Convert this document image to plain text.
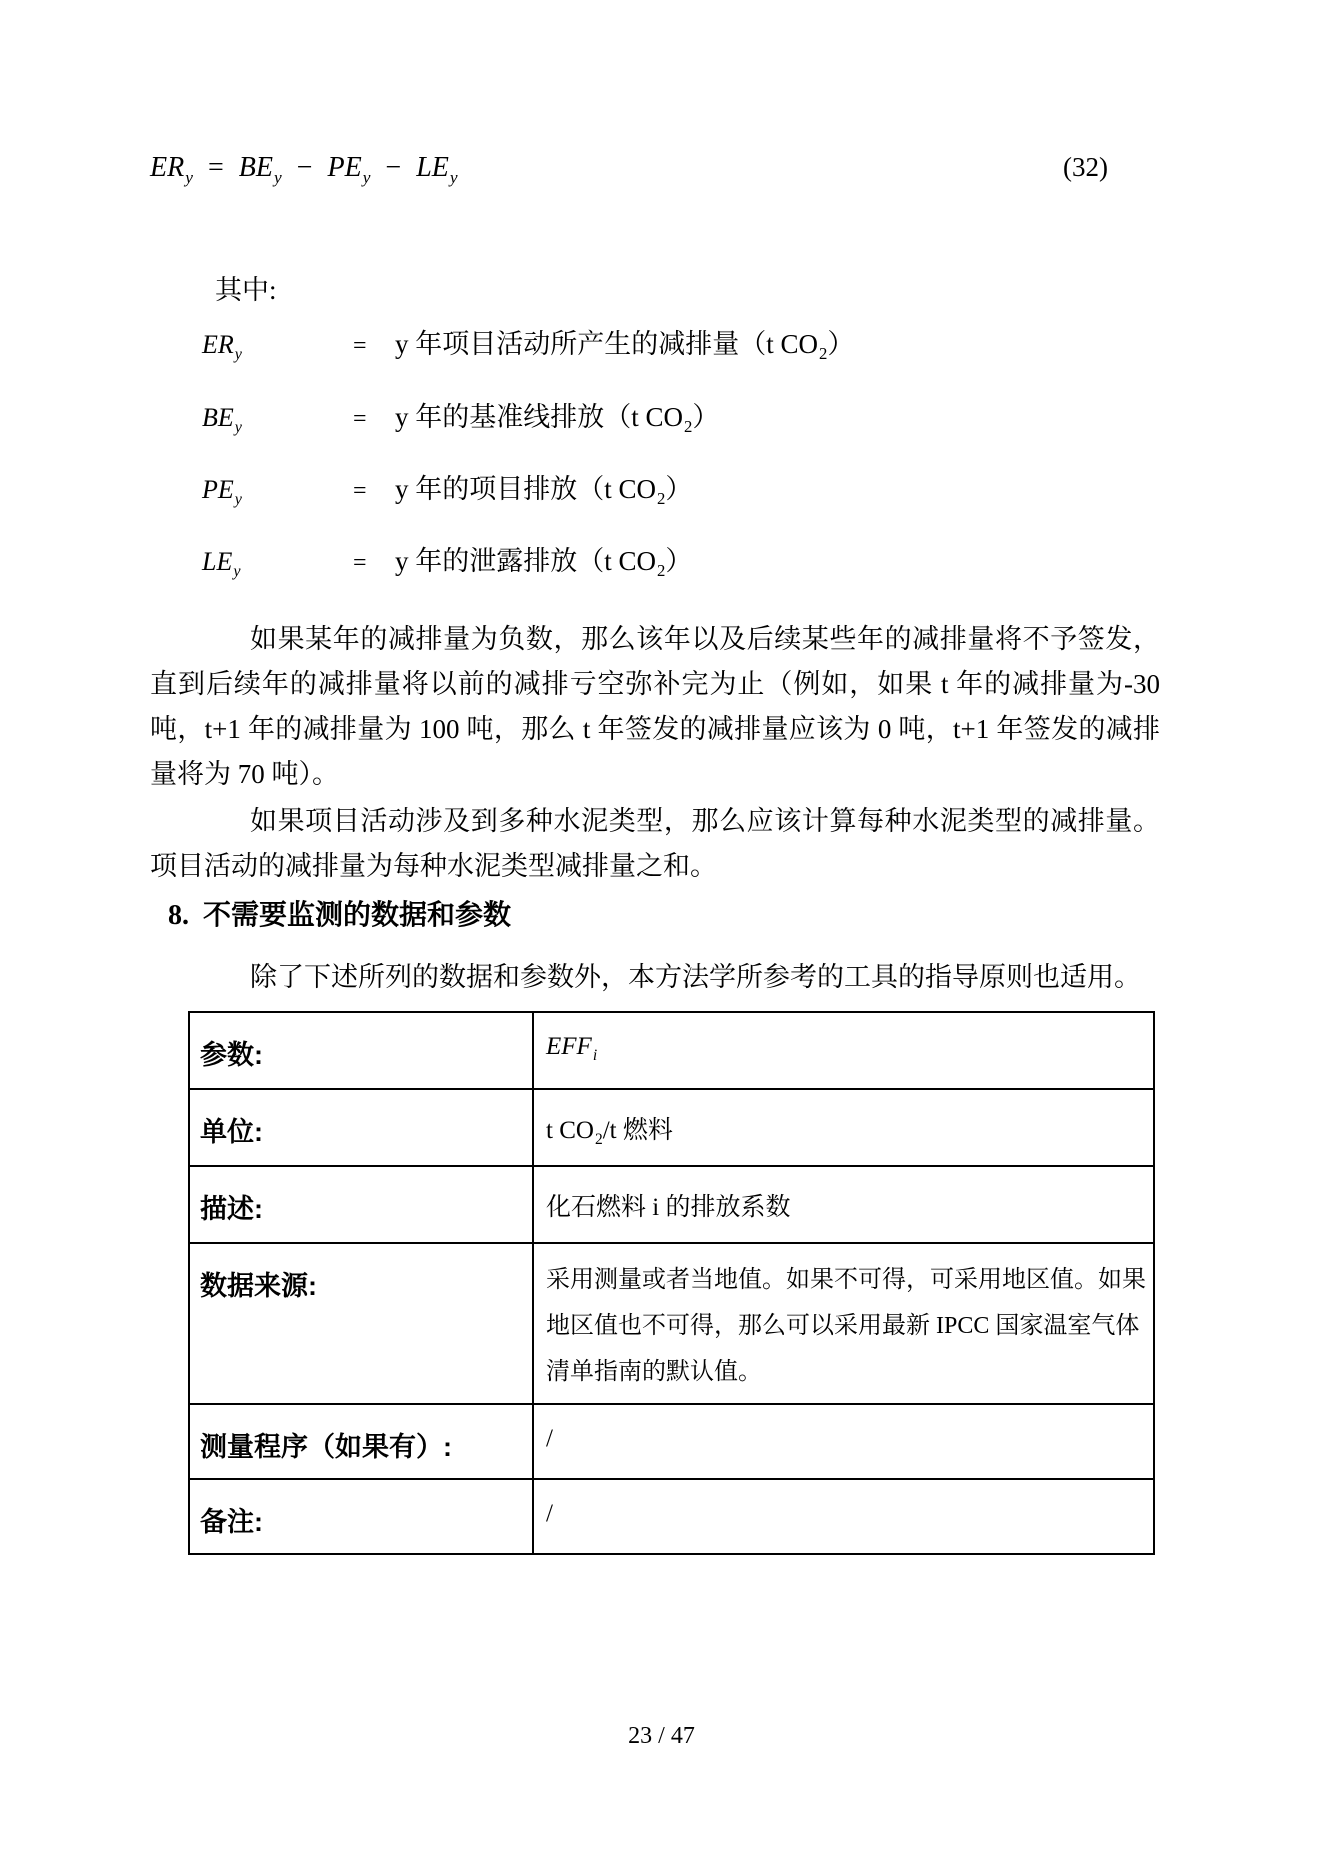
$ER_y = BE_y - PE_y - LE_y$	(32)
其中:
$ER_y$	=	y 年项目活动所产生的减排量（t $CO_2$）
$BE_y$	=	y 年的基准线排放（t $CO_2$）
$PE_y$	=	y 年的项目排放（t $CO_2$）
$LE_y$	=	y 年的泄露排放（t $CO_2$）

如果某年的减排量为负数，那么该年以及后续某些年的减排量将不予签发，直到后续年的减排量将以前的减排亏空弥补完为止（例如，如果 t 年的减排量为-30 吨，t+1 年的减排量为 100 吨，那么 t 年签发的减排量应该为 0 吨，t+1 年签发的减排量将为 70 吨）。

如果项目活动涉及到多种水泥类型，那么应该计算每种水泥类型的减排量。项目活动的减排量为每种水泥类型减排量之和。

8. 不需要监测的数据和参数

除了下述所列的数据和参数外，本方法学所参考的工具的指导原则也适用。

参数:	$EFF_i$
单位:	t $CO_2/t$ 燃料
描述:	化石燃料 i 的排放系数
数据来源:	采用测量或者当地值。如果不可得，可采用地区值。如果地区值也不可得，那么可以采用最新 IPCC 国家温室气体清单指南的默认值。
测量程序（如果有）:	/
备注:	/
23 / 47
